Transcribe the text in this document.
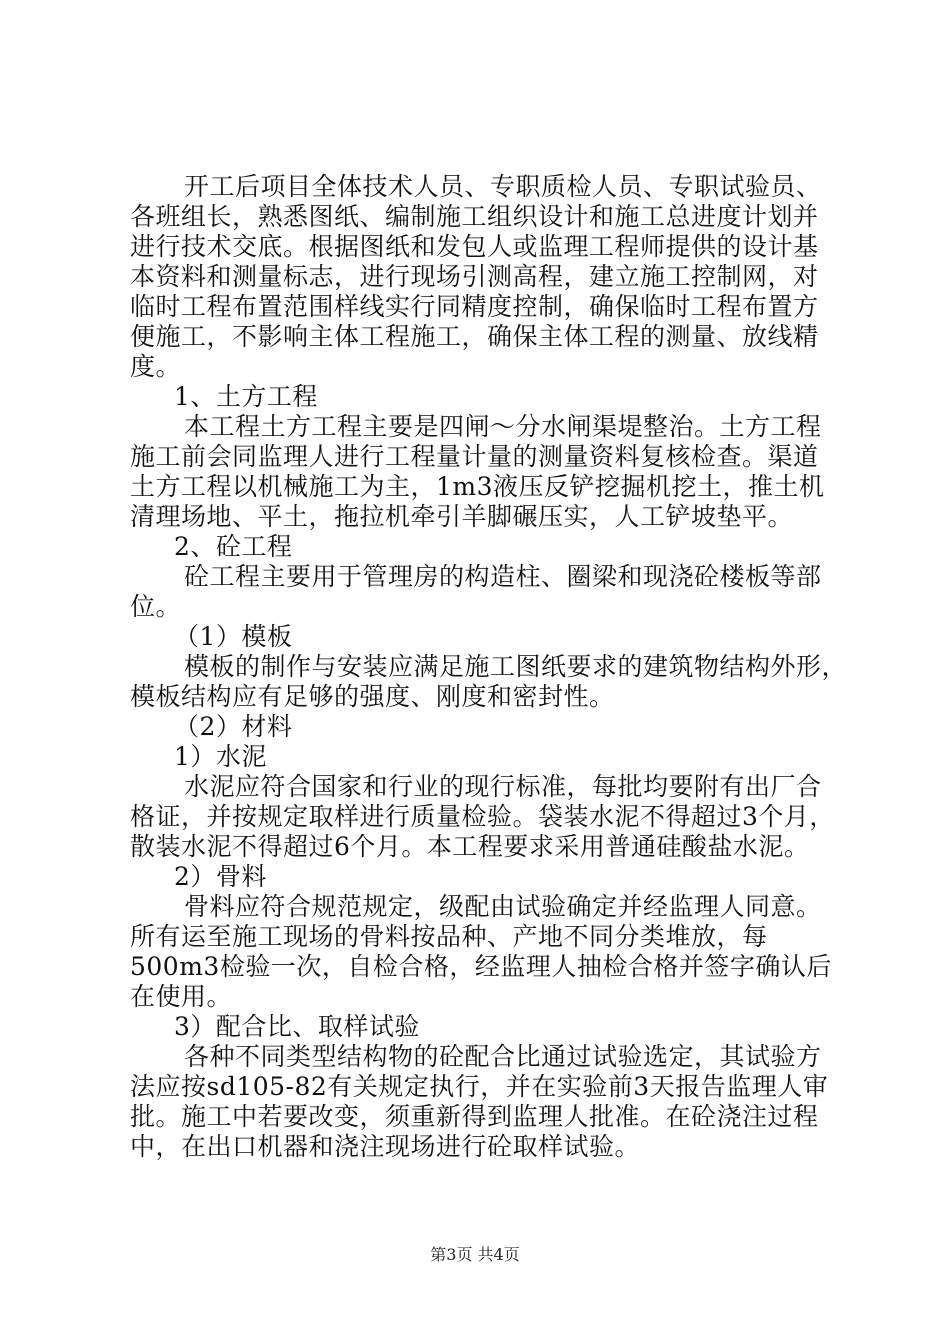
开工后项目全体技术人员、专职质检人员、专职试验员、
各班组长，熟悉图纸、编制施工组织设计和施工总进度计划并
进行技术交底。根据图纸和发包人或监理工程师提供的设计基
本资料和测量标志，进行现场引测高程，建立施工控制网，对
临时工程布置范围样线实行同精度控制，确保临时工程布置方
便施工，不影响主体工程施工，确保主体工程的测量、放线精
度。
1、土方工程
本工程土方工程主要是四闸～分水闸渠堤整治。土方工程
施工前会同监理人进行工程量计量的测量资料复核检查。渠道
土方工程以机械施工为主，1m3液压反铲挖掘机挖土，推土机
清理场地、平土，拖拉机牵引羊脚碾压实，人工铲坡垫平。
2、砼工程
砼工程主要用于管理房的构造柱、圈梁和现浇砼楼板等部
位。
（1）模板
模板的制作与安装应满足施工图纸要求的建筑物结构外形，
模板结构应有足够的强度、刚度和密封性。
（2）材料
1）水泥
水泥应符合国家和行业的现行标准，每批均要附有出厂合
格证，并按规定取样进行质量检验。袋装水泥不得超过3个月，
散装水泥不得超过6个月。本工程要求采用普通硅酸盐水泥。
2）骨料
骨料应符合规范规定，级配由试验确定并经监理人同意。
所有运至施工现场的骨料按品种、产地不同分类堆放，每
500m3检验一次，自检合格，经监理人抽检合格并签字确认后
在使用。
3）配合比、取样试验
各种不同类型结构物的砼配合比通过试验选定，其试验方
法应按sd105-82有关规定执行，并在实验前3天报告监理人审
批。施工中若要改变，须重新得到监理人批准。在砼浇注过程
中，在出口机器和浇注现场进行砼取样试验。
第3页 共4页
